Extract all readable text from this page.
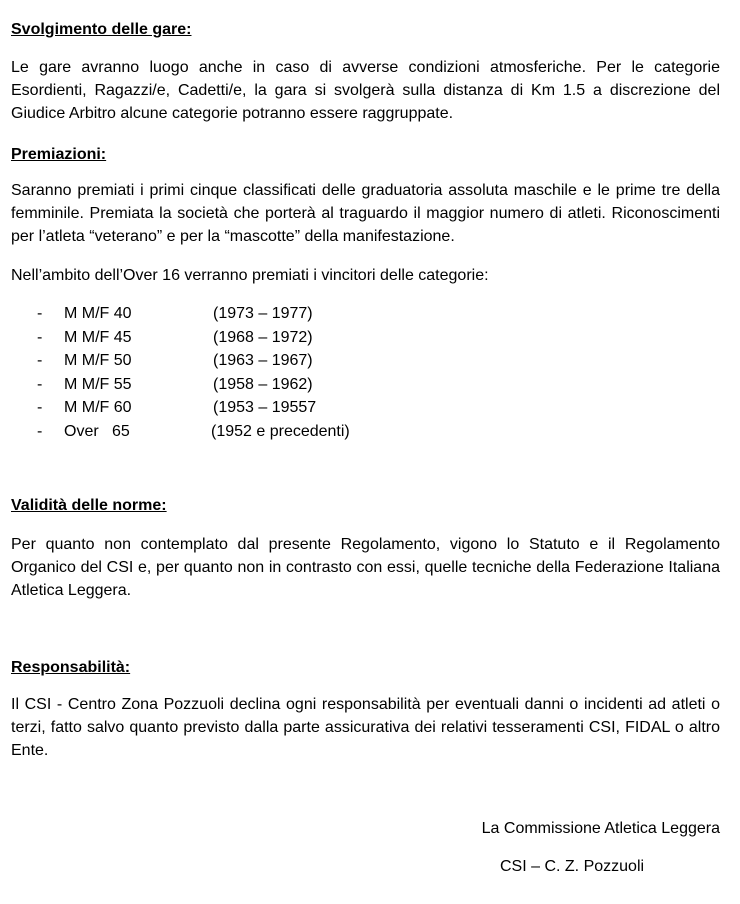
Svolgimento delle gare:
Le gare avranno luogo anche in caso di avverse condizioni atmosferiche. Per le categorie Esordienti, Ragazzi/e, Cadetti/e, la gara si svolgerà sulla distanza di Km 1.5 a discrezione del Giudice Arbitro alcune categorie potranno essere raggruppate.
Premiazioni:
Saranno premiati i primi cinque classificati delle graduatoria assoluta maschile e le prime tre della femminile. Premiata la società che porterà al traguardo il maggior numero di atleti. Riconoscimenti per l’atleta “veterano” e per la “mascotte” della manifestazione.
Nell’ambito dell’Over 16 verranno premiati i vincitori delle categorie:
- M M/F 40	(1973 – 1977)
- M M/F 45	(1968 – 1972)
- M M/F 50	(1963 – 1967)
- M M/F 55	(1958 – 1962)
- M M/F 60	(1953 – 19557
- Over   65	(1952 e precedenti)
Validità delle norme:
Per quanto non contemplato dal presente Regolamento, vigono lo Statuto e il Regolamento Organico del CSI e, per quanto non in contrasto con essi, quelle tecniche della Federazione Italiana Atletica Leggera.
Responsabilità:
Il CSI - Centro Zona Pozzuoli declina ogni responsabilità per eventuali danni o incidenti ad atleti o terzi, fatto salvo quanto previsto dalla parte assicurativa dei relativi tesseramenti CSI, FIDAL o altro Ente.
La Commissione Atletica Leggera
CSI – C. Z. Pozzuoli
